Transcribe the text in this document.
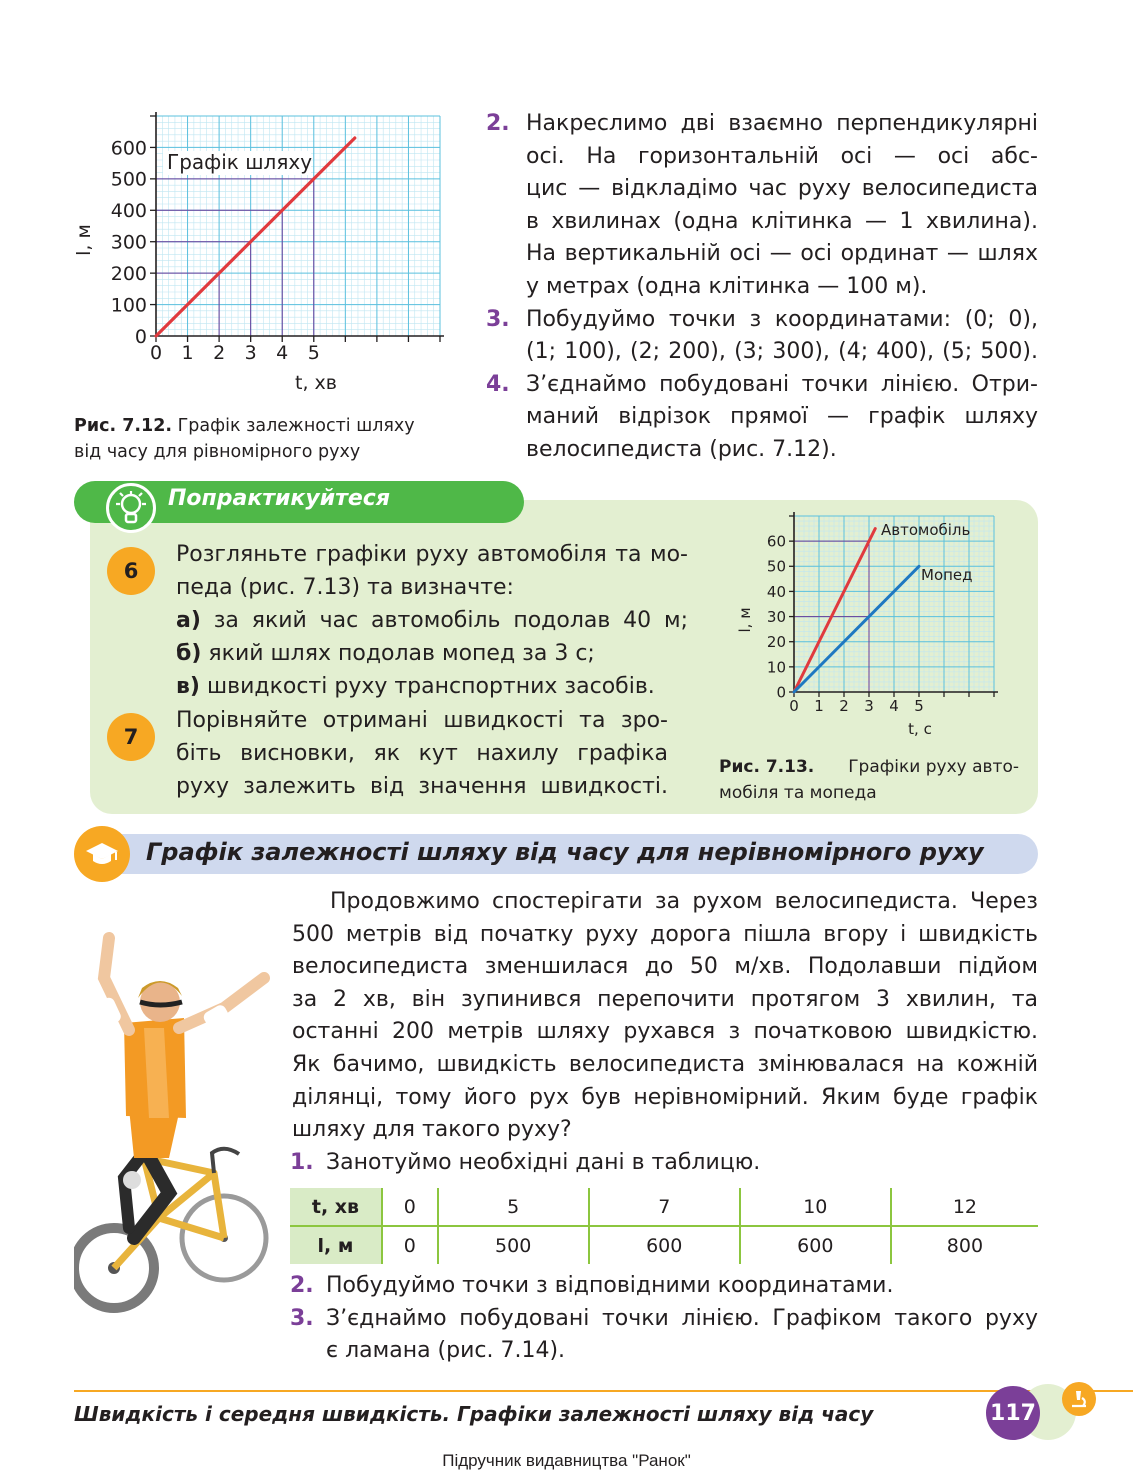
0 1 2 3 4 5
0
100
200
300
400
500
600
t, хв
l, м
Графік шляху
Рис. 7.12. Графік залежності шляху
від часу для рівномірного руху
2. Накреслимо дві взаємно перпендикулярні
осі. На горизонтальній осі — осі абс-
цис — відкладімо час руху велосипедиста
в хвилинах (одна клітинка — 1 хвилина).
На вертикальній осі — осі ординат — шлях
у метрах (одна клітинка — 100 м).
3. Побудуймо точки з координатами: (0; 0),
(1; 100), (2; 200), (3; 300), (4; 400), (5; 500).
4. З’єднаймо побудовані точки лінією. Отри-
маний відрізок прямої — графік шляху
велосипедиста (рис. 7.12).
Попрактикуйтеся
6
Розгляньте графіки руху автомобіля та мо-
педа (рис. 7.13) та визначте:
а) за який час автомобіль подолав 40 м;
б) який шлях подолав мопед за 3 с;
в) швидкості руху транспортних засобів.
7
Порівняйте отримані швидкості та зро-
біть висновки, як кут нахилу графіка
руху залежить від значення швидкості.
0 1 2 3 4 5
0
10
20
30
40
50
60
t, с
l, м
Автомобіль
Мопед
Рис. 7.13. Графіки руху авто-
мобіля та мопеда
Графік залежності шляху від часу для нерівномірного руху
Продовжимо спостерігати за рухом велосипедиста. Через
500 метрів від початку руху дорога пішла вгору і швидкість
велосипедиста зменшилася до 50 м/хв. Подолавши підйом
за 2 хв, він зупинився перепочити протягом 3 хвилин, та
останні 200 метрів шляху рухався з початковою швидкістю.
Як бачимо, швидкість велосипедиста змінювалася на кожній
ділянці, тому його рух був нерівномірний. Яким буде графік
шляху для такого руху?
1. Занотуймо необхідні дані в таблицю.
t, хв	0	5	7	10	12
l, м	0	500	600	600	800
2. Побудуймо точки з відповідними координатами.
3. З’єднаймо побудовані точки лінією. Графіком такого руху
є ламана (рис. 7.14).
Швидкість і середня швидкість. Графіки залежності шляху від часу	117
Підручник видавництва "Ранок"
